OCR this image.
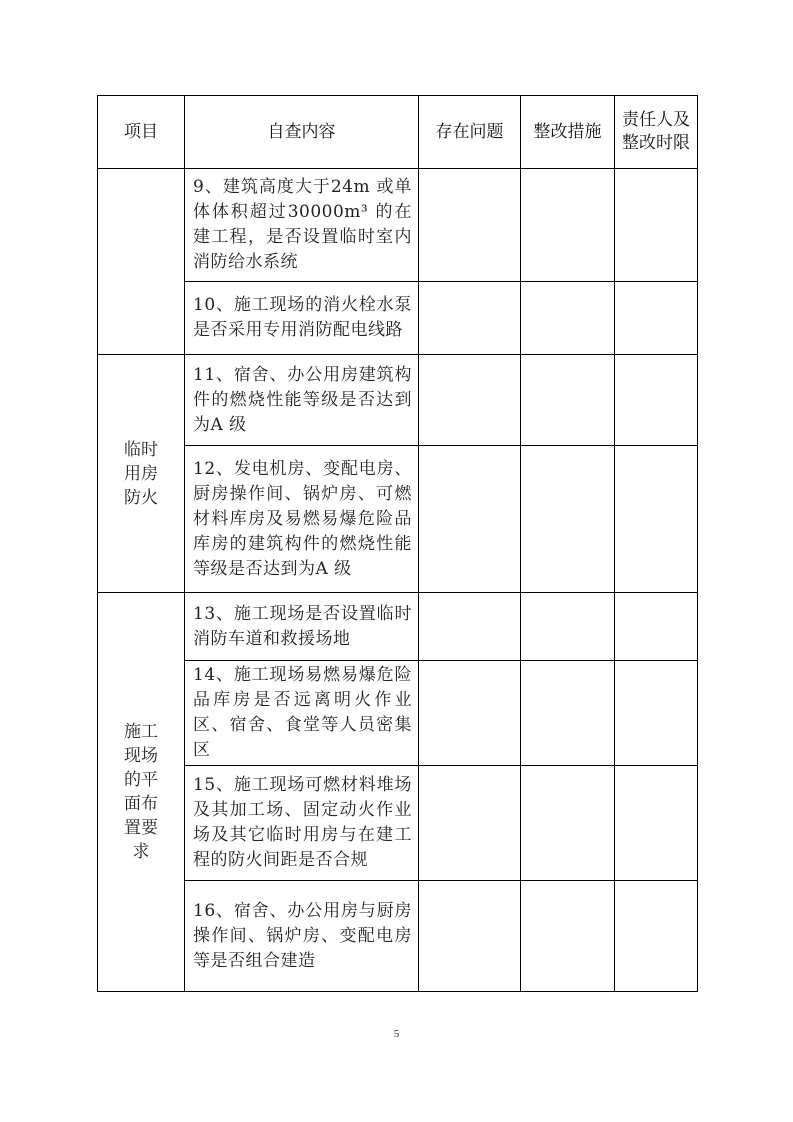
项目	自查内容	存在问题	整改措施	责任人及整改时限
	9、建筑高度大于24m 或单体体积超过30000m³ 的在建工程，是否设置临时室内消防给水系统			
	10、施工现场的消火栓水泵是否采用专用消防配电线路			
临时用房防火	11、宿舍、办公用房建筑构件的燃烧性能等级是否达到为A 级			
	12、发电机房、变配电房、厨房操作间、锅炉房、可燃材料库房及易燃易爆危险品库房的建筑构件的燃烧性能等级是否达到为A 级			
施工现场的平面布置要求	13、施工现场是否设置临时消防车道和救援场地			
	14、施工现场易燃易爆危险品库房是否远离明火作业区、宿舍、食堂等人员密集区			
	15、施工现场可燃材料堆场及其加工场、固定动火作业场及其它临时用房与在建工程的防火间距是否合规			
	16、宿舍、办公用房与厨房操作间、锅炉房、变配电房等是否组合建造			
5
